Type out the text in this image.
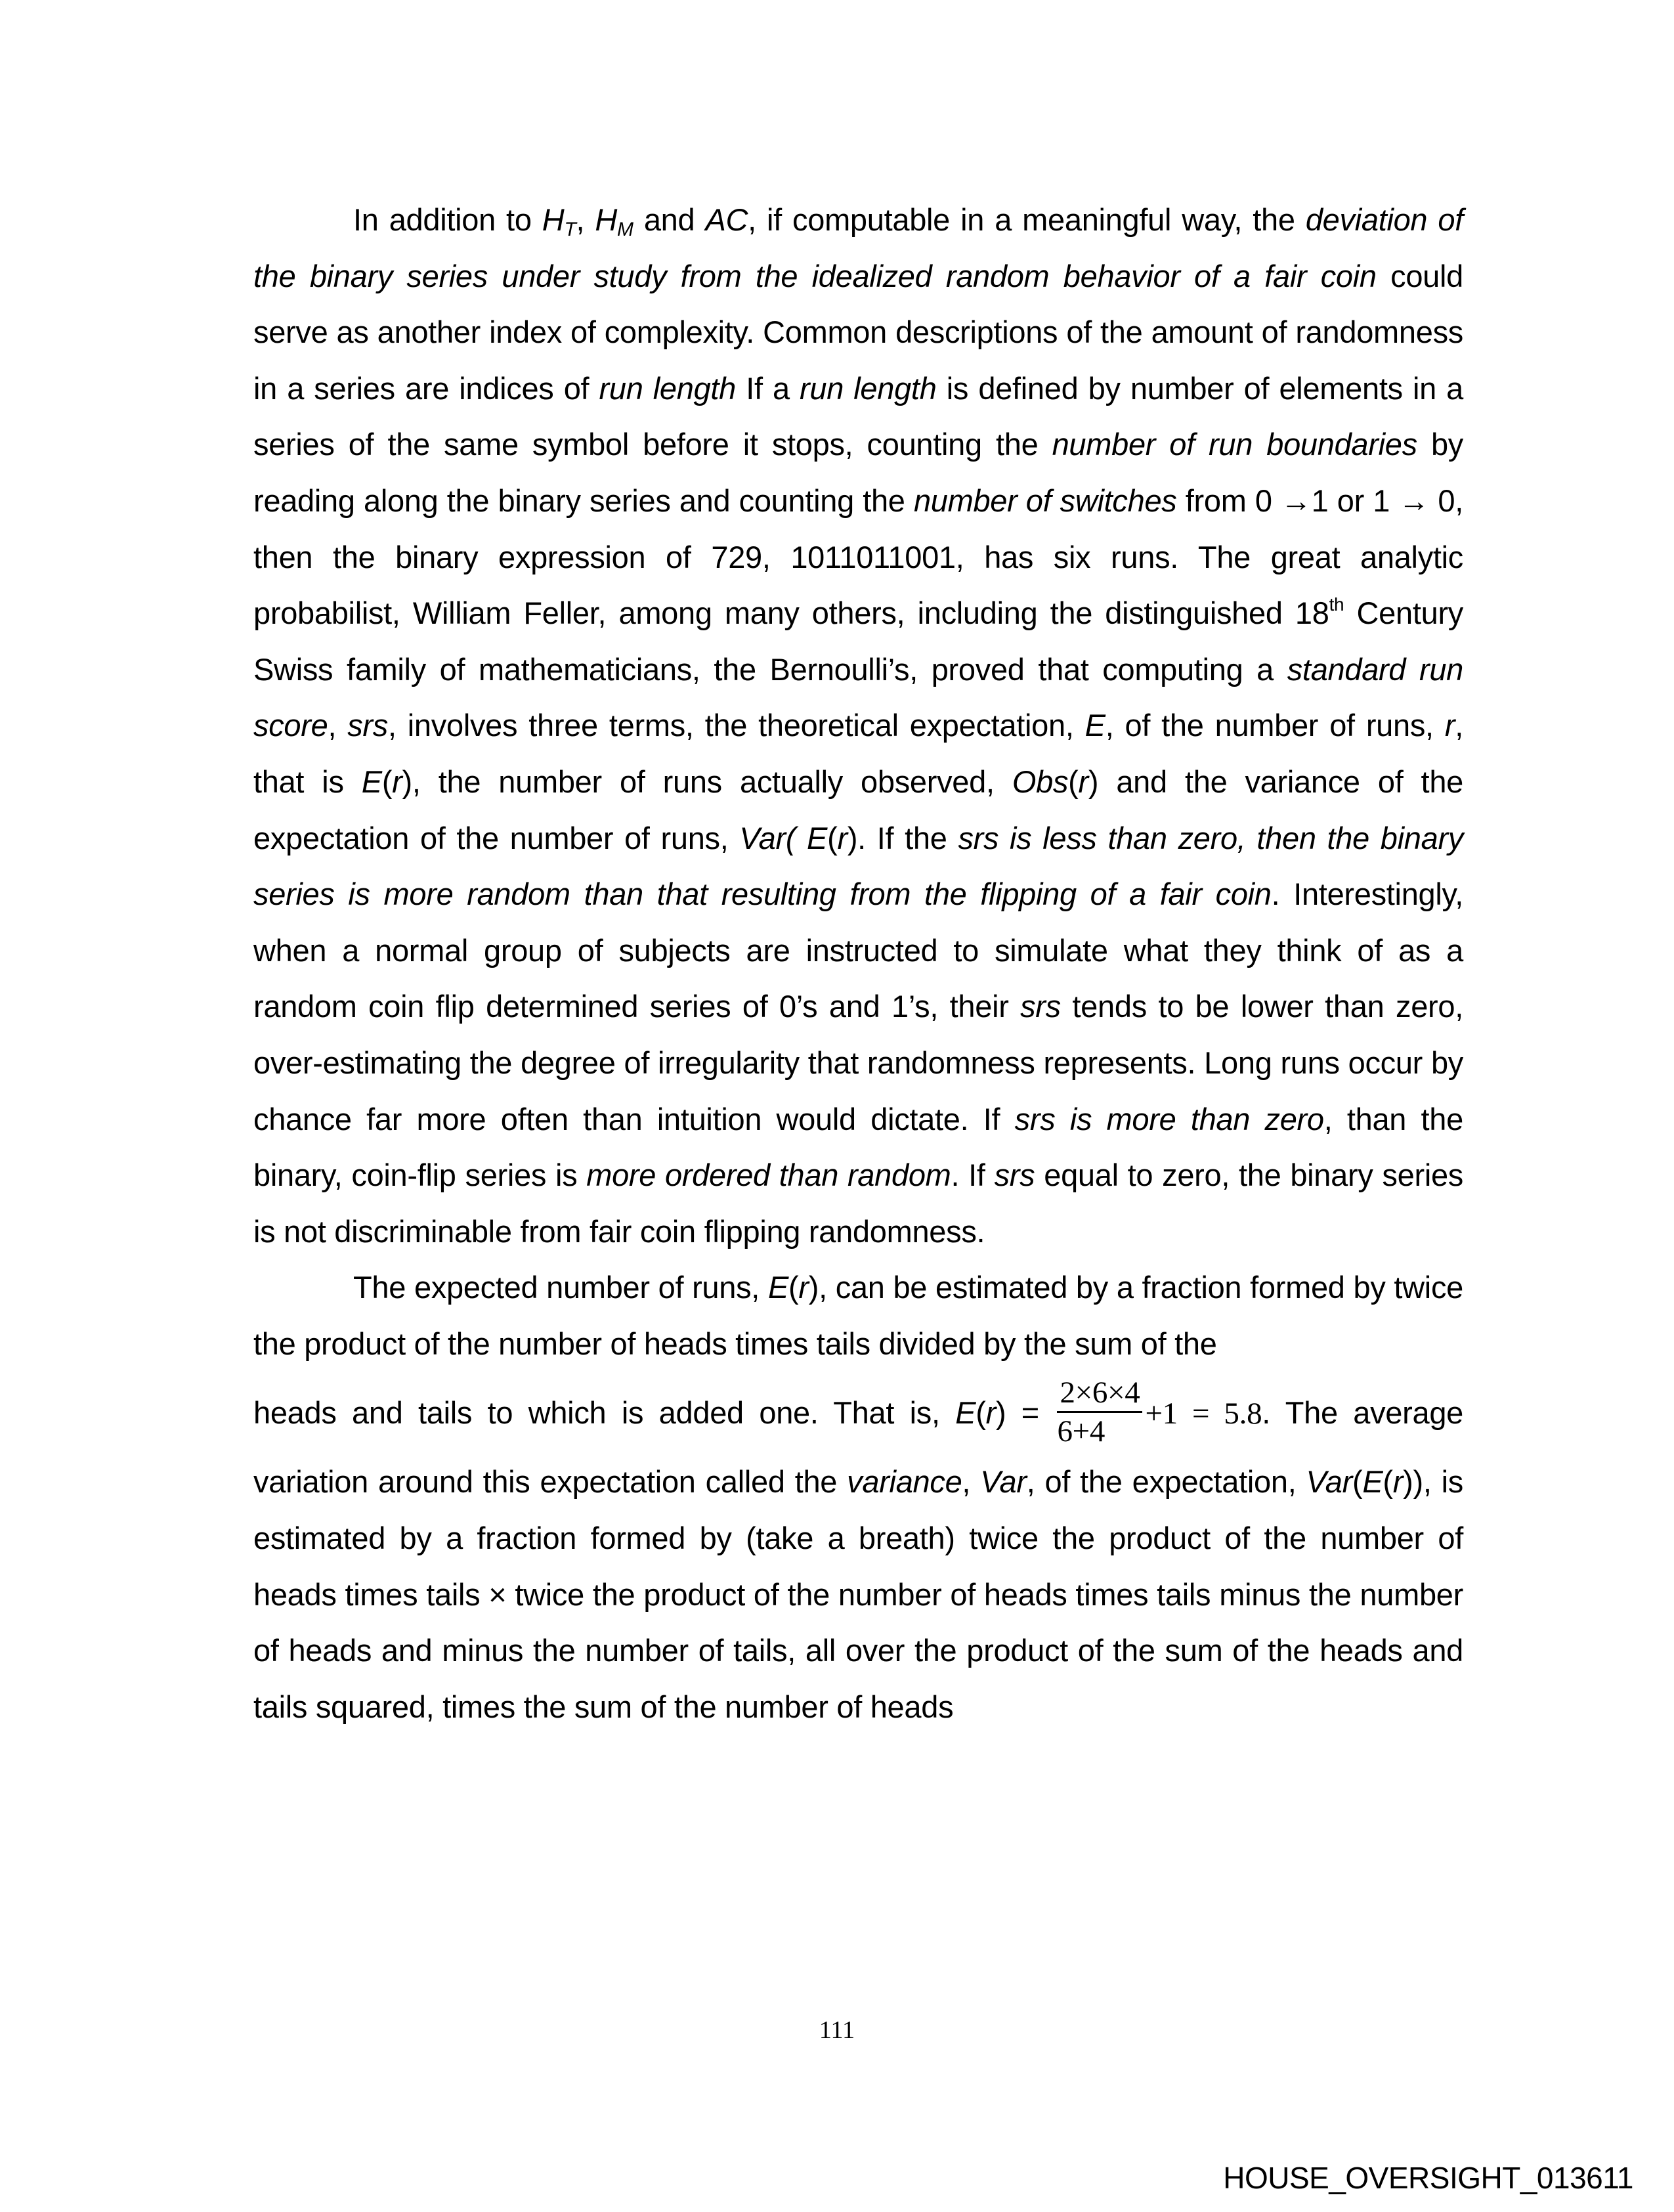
In addition to $H_T$, $H_M$ and AC, if computable in a meaningful way, the deviation of the binary series under study from the idealized random behavior of a fair coin could serve as another index of complexity. Common descriptions of the amount of randomness in a series are indices of run length If a run length is defined by number of elements in a series of the same symbol before it stops, counting the number of run boundaries by reading along the binary series and counting the number of switches from 0 →1 or 1 → 0, then the binary expression of 729, 1011011001, has six runs. The great analytic probabilist, William Feller, among many others, including the distinguished 18th Century Swiss family of mathematicians, the Bernoulli’s, proved that computing a standard run score, srs, involves three terms, the theoretical expectation, E, of the number of runs, r, that is E(r), the number of runs actually observed, Obs(r) and the variance of the expectation of the number of runs, Var( E(r). If the srs is less than zero, then the binary series is more random than that resulting from the flipping of a fair coin. Interestingly, when a normal group of subjects are instructed to simulate what they think of as a random coin flip determined series of 0’s and 1’s, their srs tends to be lower than zero, over-estimating the degree of irregularity that randomness represents. Long runs occur by chance far more often than intuition would dictate. If srs is more than zero, than the binary, coin-flip series is more ordered than random. If srs equal to zero, the binary series is not discriminable from fair coin flipping randomness.

The expected number of runs, E(r), can be estimated by a fraction formed by twice the product of the number of heads times tails divided by the sum of the

heads and tails to which is added one. That is, $E(r) = \frac{2\times 6\times 4}{6+4} +1 = 5.8$. The average

variation around this expectation called the variance, Var, of the expectation, Var(E(r)), is estimated by a fraction formed by (take a breath) twice the product of the number of heads times tails × twice the product of the number of heads times tails minus the number of heads and minus the number of tails, all over the product of the sum of the heads and tails squared, times the sum of the number of heads

111
HOUSE_OVERSIGHT_013611
